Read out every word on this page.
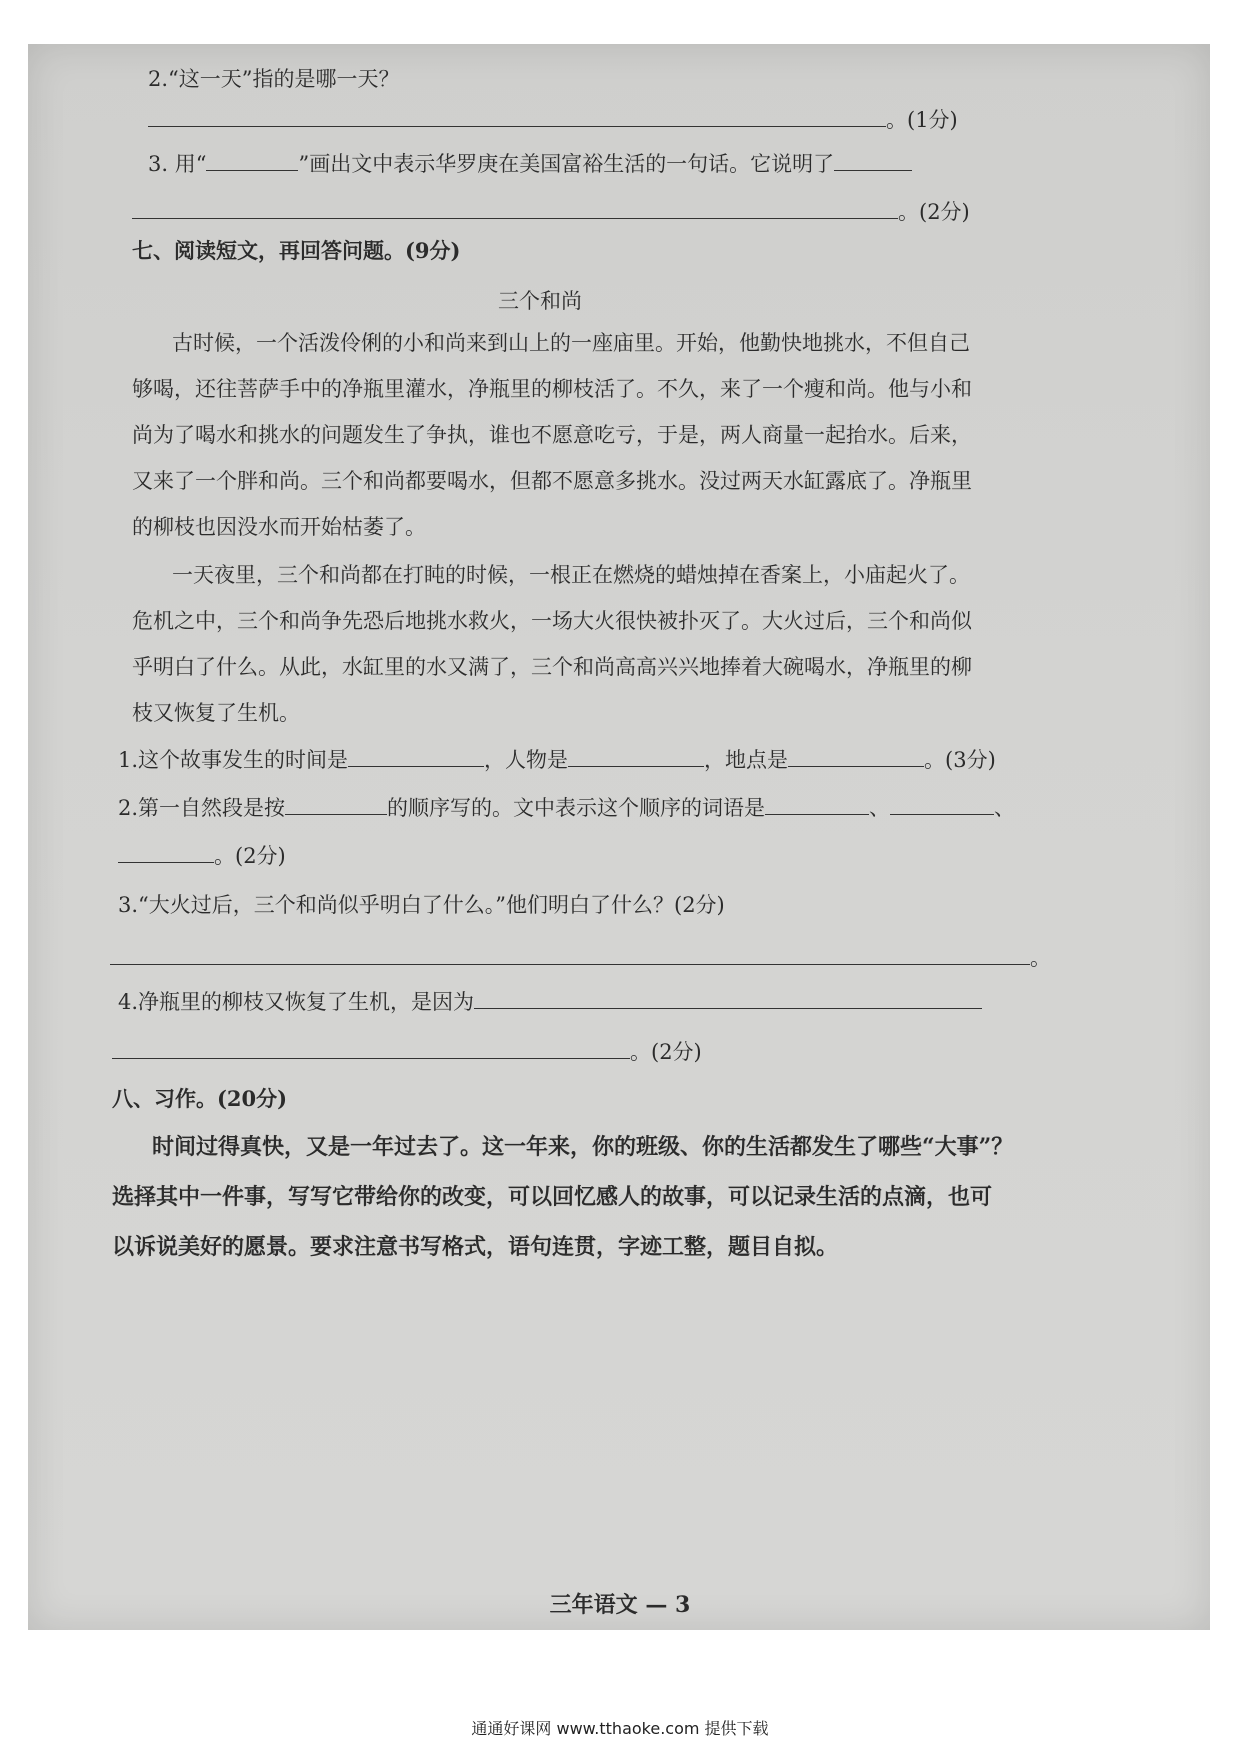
2.“这一天”指的是哪一天？
。(1分)
3. 用“	”画出文中表示华罗庚在美国富裕生活的一句话。它说明了
。(2分)
七、阅读短文，再回答问题。(9分)
三个和尚
古时候，一个活泼伶俐的小和尚来到山上的一座庙里。开始，他勤快地挑水，不但自己
够喝，还往菩萨手中的净瓶里灌水，净瓶里的柳枝活了。不久，来了一个瘦和尚。他与小和
尚为了喝水和挑水的问题发生了争执，谁也不愿意吃亏，于是，两人商量一起抬水。后来，
又来了一个胖和尚。三个和尚都要喝水，但都不愿意多挑水。没过两天水缸露底了。净瓶里
的柳枝也因没水而开始枯萎了。
一天夜里，三个和尚都在打盹的时候，一根正在燃烧的蜡烛掉在香案上，小庙起火了。
危机之中，三个和尚争先恐后地挑水救火，一场大火很快被扑灭了。大火过后，三个和尚似
乎明白了什么。从此，水缸里的水又满了，三个和尚高高兴兴地捧着大碗喝水，净瓶里的柳
枝又恢复了生机。
1.这个故事发生的时间是	，人物是	，地点是	。(3分)
2.第一自然段是按	的顺序写的。文中表示这个顺序的词语是	、	、
。(2分)
3.“大火过后，三个和尚似乎明白了什么。”他们明白了什么？(2分)
。
4.净瓶里的柳枝又恢复了生机，是因为
。(2分)
八、习作。(20分)
时间过得真快，又是一年过去了。这一年来，你的班级、你的生活都发生了哪些“大事”？
选择其中一件事，写写它带给你的改变，可以回忆感人的故事，可以记录生活的点滴，也可
以诉说美好的愿景。要求注意书写格式，语句连贯，字迹工整，题目自拟。
三年语文 — 3
通通好课网 www.tthaoke.com 提供下载
